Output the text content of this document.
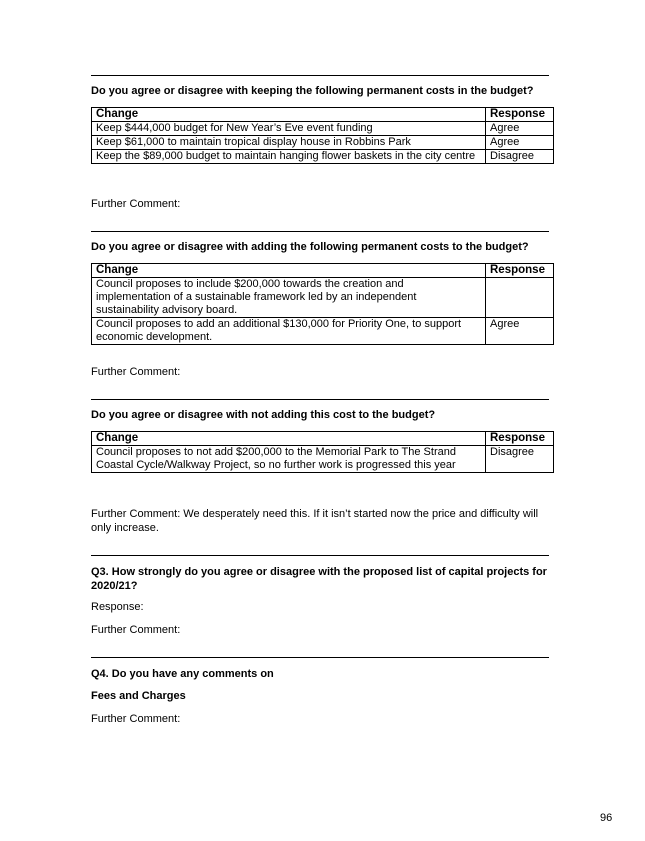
Do you agree or disagree with keeping the following permanent costs in the budget?
Change	Response
Keep $444,000 budget for New Year’s Eve event funding	Agree
Keep $61,000 to maintain tropical display house in Robbins Park	Agree
Keep the $89,000 budget to maintain hanging flower baskets in the city centre	Disagree
Further Comment:
Do you agree or disagree with adding the following permanent costs to the budget?
Change	Response
Council proposes to include $200,000 towards the creation and implementation of a sustainable framework led by an independent sustainability advisory board.	
Council proposes to add an additional $130,000 for Priority One, to support economic development.	Agree
Further Comment:
Do you agree or disagree with not adding this cost to the budget?
Change	Response
Council proposes to not add $200,000 to the Memorial Park to The Strand Coastal Cycle/Walkway Project, so no further work is progressed this year	Disagree
Further Comment: We desperately need this. If it isn’t started now the price and difficulty will only increase.
Q3. How strongly do you agree or disagree with the proposed list of capital projects for 2020/21?
Response:
Further Comment:
Q4. Do you have any comments on
Fees and Charges
Further Comment:
96
